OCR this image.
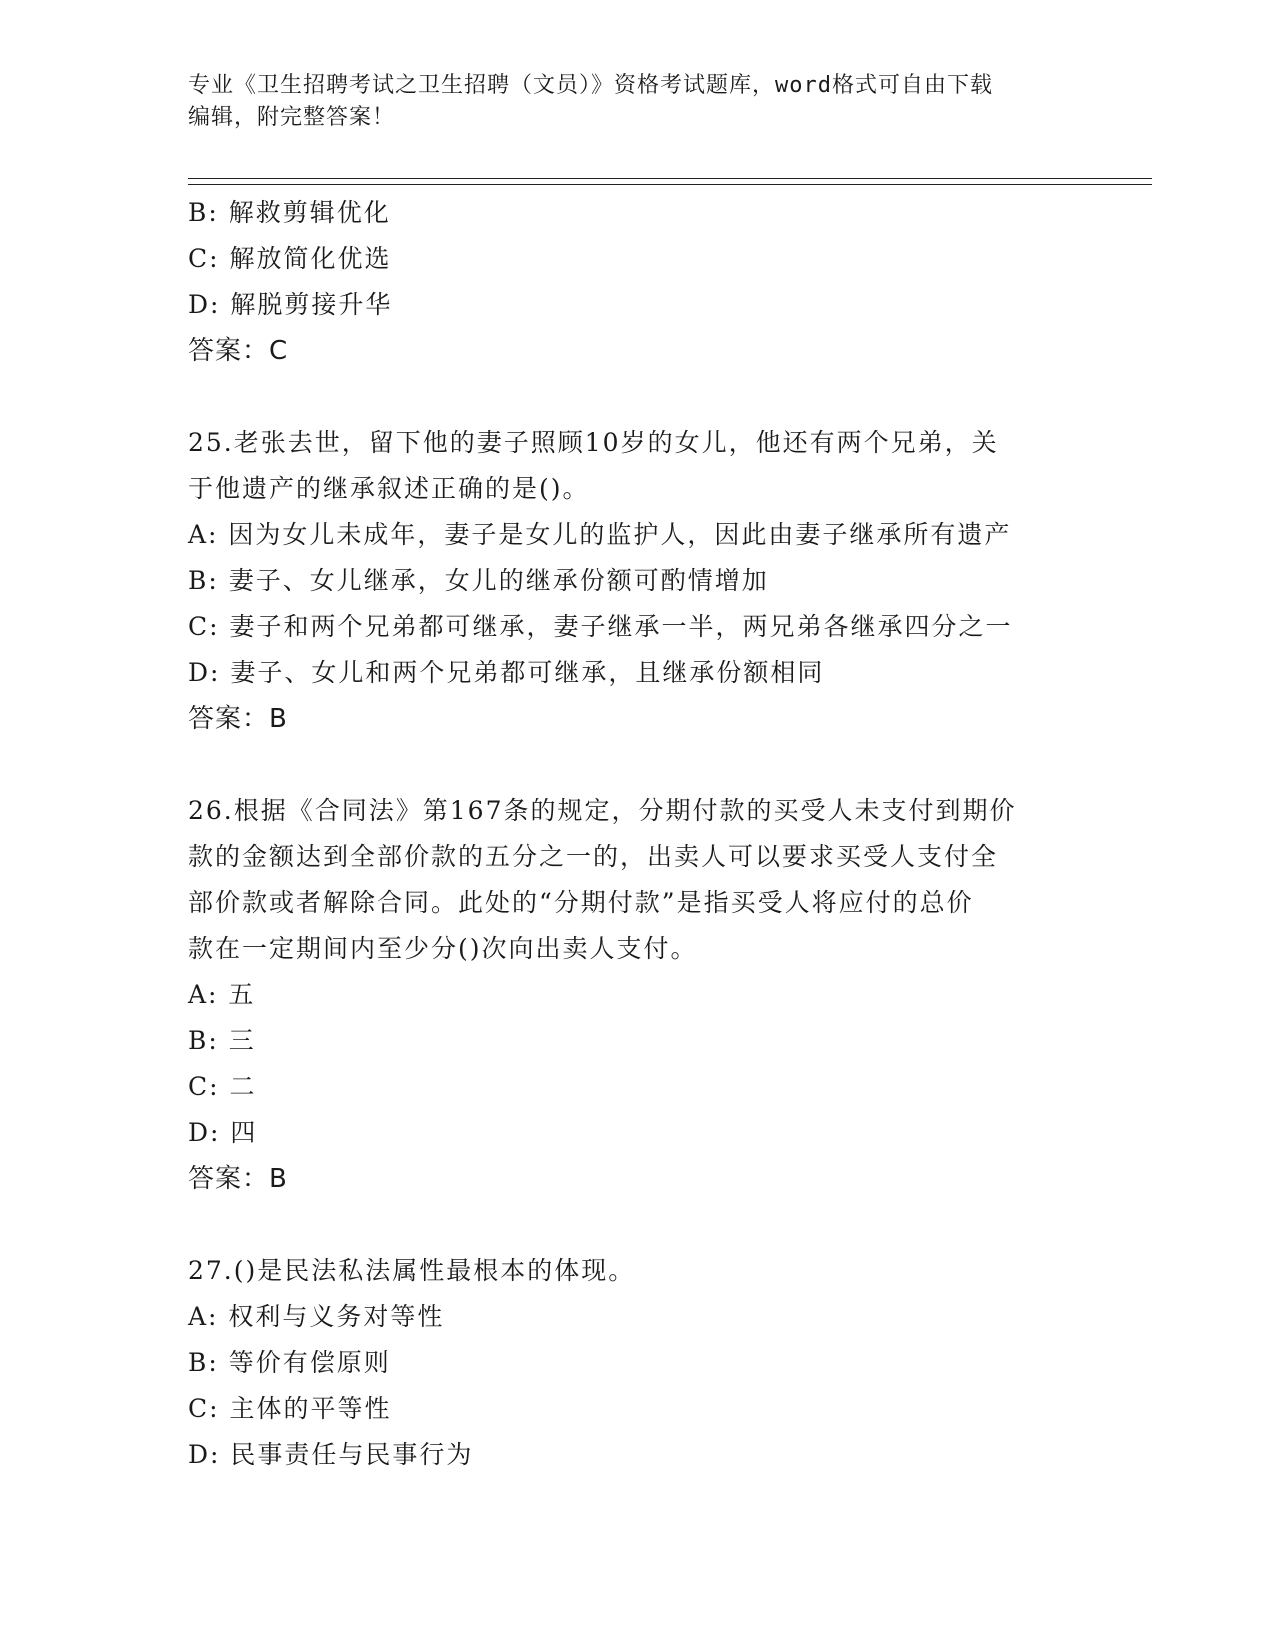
专业《卫生招聘考试之卫生招聘（文员）》资格考试题库，word格式可自由下载
编辑，附完整答案！
B: 解救剪辑优化
C: 解放简化优选
D: 解脱剪接升华
答案：C
25.老张去世，留下他的妻子照顾10岁的女儿，他还有两个兄弟，关
于他遗产的继承叙述正确的是()。
A: 因为女儿未成年，妻子是女儿的监护人，因此由妻子继承所有遗产
B: 妻子、女儿继承，女儿的继承份额可酌情增加
C: 妻子和两个兄弟都可继承，妻子继承一半，两兄弟各继承四分之一
D: 妻子、女儿和两个兄弟都可继承，且继承份额相同
答案：B
26.根据《合同法》第167条的规定，分期付款的买受人未支付到期价
款的金额达到全部价款的五分之一的，出卖人可以要求买受人支付全
部价款或者解除合同。此处的“分期付款”是指买受人将应付的总价
款在一定期间内至少分()次向出卖人支付。
A: 五
B: 三
C: 二
D: 四
答案：B
27.()是民法私法属性最根本的体现。
A: 权利与义务对等性
B: 等价有偿原则
C: 主体的平等性
D: 民事责任与民事行为
